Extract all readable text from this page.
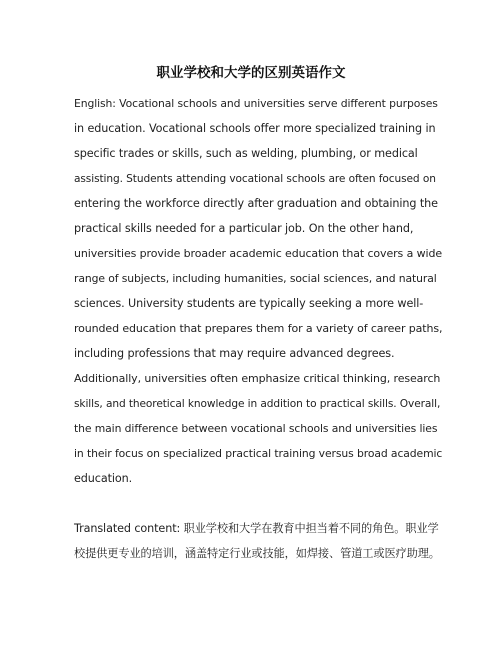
职业学校和大学的区别英语作文
English: Vocational schools and universities serve different purposes
in education. Vocational schools offer more specialized training in
specific trades or skills, such as welding, plumbing, or medical
assisting. Students attending vocational schools are often focused on
entering the workforce directly after graduation and obtaining the
practical skills needed for a particular job. On the other hand,
universities provide broader academic education that covers a wide
range of subjects, including humanities, social sciences, and natural
sciences. University students are typically seeking a more well-
rounded education that prepares them for a variety of career paths,
including professions that may require advanced degrees.
Additionally, universities often emphasize critical thinking, research
skills, and theoretical knowledge in addition to practical skills. Overall,
the main difference between vocational schools and universities lies
in their focus on specialized practical training versus broad academic
education.
Translated content: 职业学校和大学在教育中担当着不同的角色。职业学
校提供更专业的培训，涵盖特定行业或技能，如焊接、管道工或医疗助理。
